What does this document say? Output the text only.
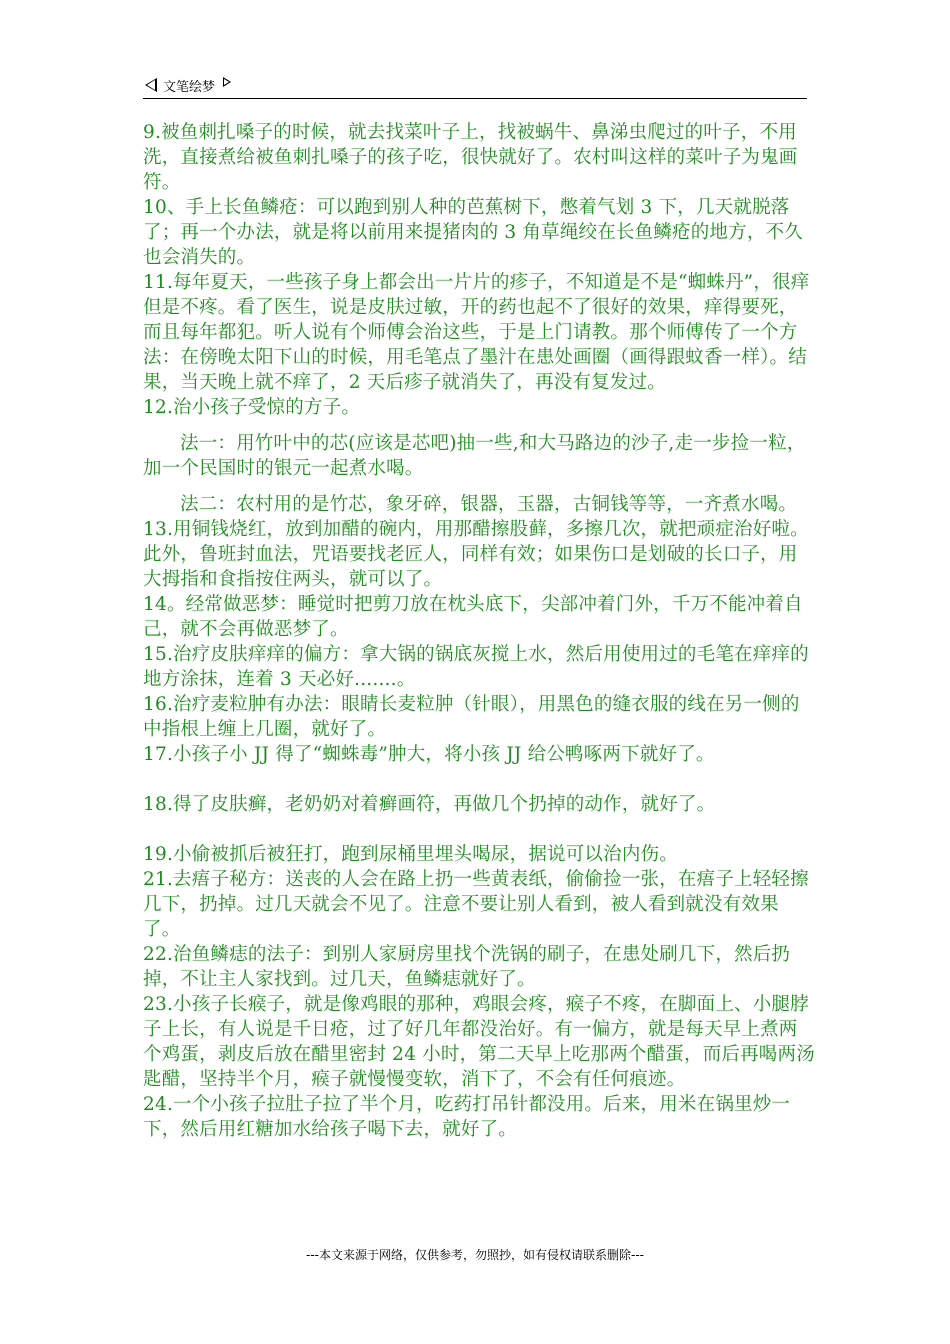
文笔绘梦

9.被鱼刺扎嗓子的时候，就去找菜叶子上，找被蜗牛、鼻涕虫爬过的叶子，不用洗，直接煮给被鱼刺扎嗓子的孩子吃，很快就好了。农村叫这样的菜叶子为鬼画符。

10、手上长鱼鳞疮：可以跑到别人种的芭蕉树下，憋着气划 3 下，几天就脱落了；再一个办法，就是将以前用来提猪肉的 3 角草绳绞在长鱼鳞疮的地方，不久也会消失的。

11.每年夏天，一些孩子身上都会出一片片的疹子，不知道是不是“蜘蛛丹”，很痒但是不疼。看了医生，说是皮肤过敏，开的药也起不了很好的效果，痒得要死，而且每年都犯。听人说有个师傅会治这些，于是上门请教。那个师傅传了一个方法：在傍晚太阳下山的时候，用毛笔点了墨汁在患处画圈（画得跟蚊香一样）。结果，当天晚上就不痒了，2 天后疹子就消失了，再没有复发过。

12.治小孩子受惊的方子。

法一：用竹叶中的芯(应该是芯吧)抽一些,和大马路边的沙子,走一步捡一粒，加一个民国时的银元一起煮水喝。

法二：农村用的是竹芯，象牙碎，银器，玉器，古铜钱等等，一齐煮水喝。

13.用铜钱烧红，放到加醋的碗内，用那醋擦股藓，多擦几次，就把顽症治好啦。此外，鲁班封血法，咒语要找老匠人，同样有效；如果伤口是划破的长口子，用大拇指和食指按住两头，就可以了。

14。经常做恶梦：睡觉时把剪刀放在枕头底下，尖部冲着门外，千万不能冲着自己，就不会再做恶梦了。

15.治疗皮肤痒痒的偏方：拿大锅的锅底灰搅上水，然后用使用过的毛笔在痒痒的地方涂抹，连着 3 天必好.......。

16.治疗麦粒肿有办法：眼睛长麦粒肿（针眼），用黑色的缝衣服的线在另一侧的中指根上缠上几圈，就好了。

17.小孩子小 JJ 得了“蜘蛛毒”肿大，将小孩 JJ 给公鸭啄两下就好了。

18.得了皮肤癣，老奶奶对着癣画符，再做几个扔掉的动作，就好了。

19.小偷被抓后被狂打，跑到尿桶里埋头喝尿，据说可以治内伤。

21.去痦子秘方：送丧的人会在路上扔一些黄表纸，偷偷捡一张，在痦子上轻轻擦几下，扔掉。过几天就会不见了。注意不要让别人看到，被人看到就没有效果了。

22.治鱼鳞痣的法子：到别人家厨房里找个洗锅的刷子，在患处刷几下，然后扔掉，不让主人家找到。过几天，鱼鳞痣就好了。

23.小孩子长瘊子，就是像鸡眼的那种，鸡眼会疼，瘊子不疼，在脚面上、小腿脖子上长，有人说是千日疮，过了好几年都没治好。有一偏方，就是每天早上煮两个鸡蛋，剥皮后放在醋里密封 24 小时，第二天早上吃那两个醋蛋，而后再喝两汤匙醋，坚持半个月，瘊子就慢慢变软，消下了，不会有任何痕迹。

24.一个小孩子拉肚子拉了半个月，吃药打吊针都没用。后来，用米在锅里炒一下，然后用红糖加水给孩子喝下去，就好了。

---本文来源于网络，仅供参考，勿照抄，如有侵权请联系删除---
